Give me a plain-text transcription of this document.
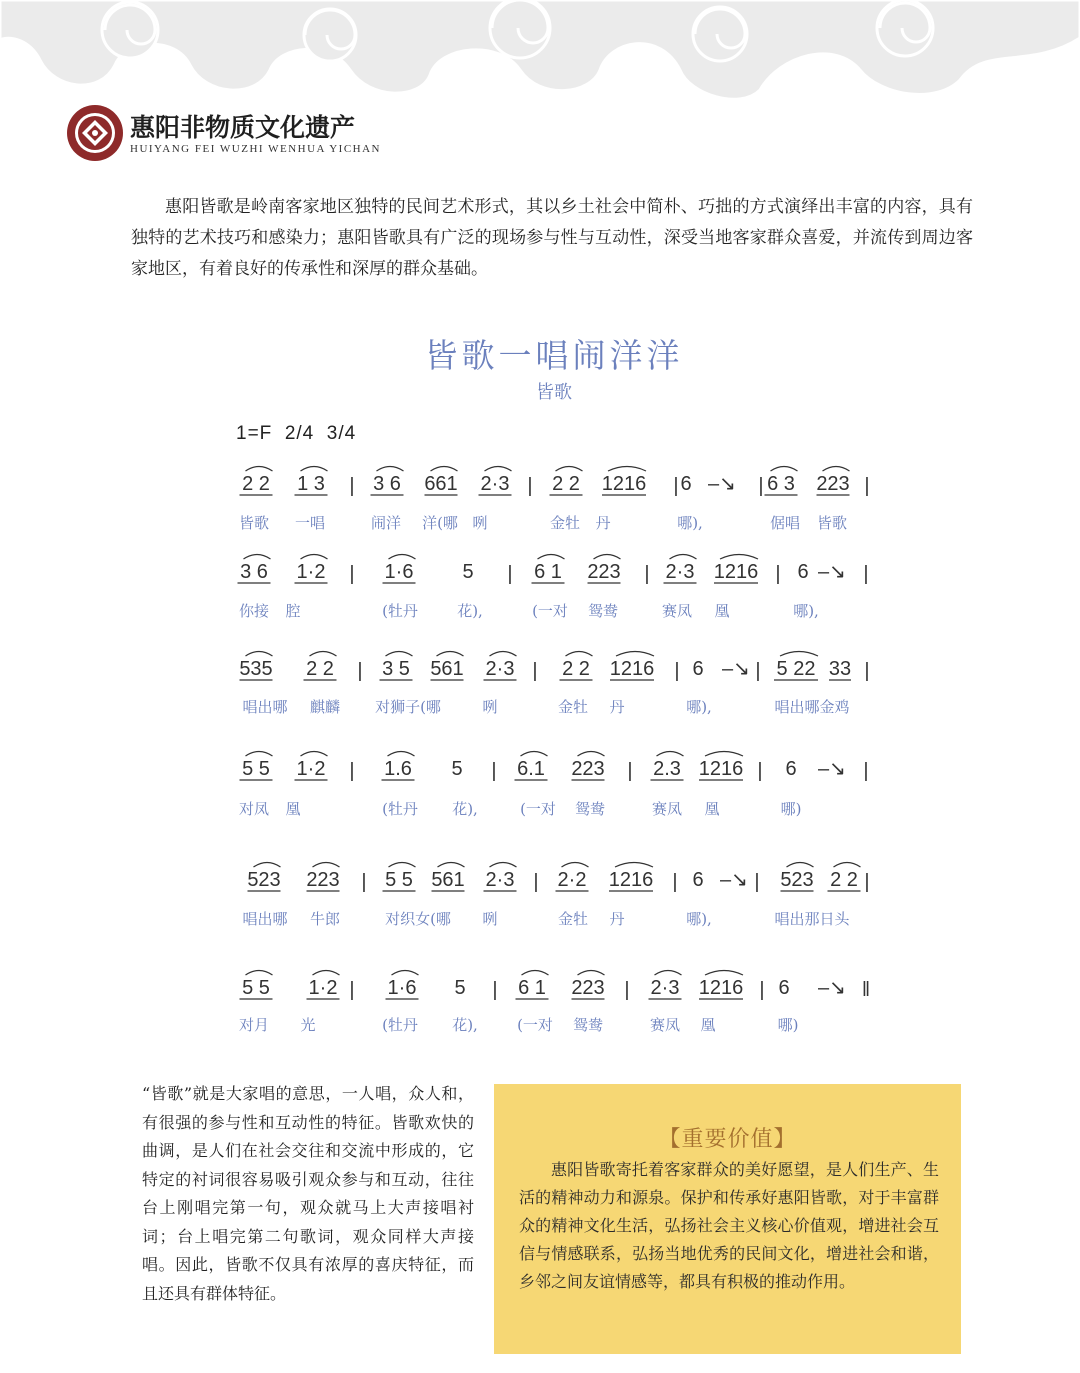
惠阳非物质文化遗产
HUIYANG FEI WUZHI WENHUA YICHAN

惠阳皆歌是岭南客家地区独特的民间艺术形式，其以乡土社会中简朴、巧拙的方式演绎出丰富的内容，具有独特的艺术技巧和感染力；惠阳皆歌具有广泛的现场参与性与互动性，深受当地客家群众喜爱，并流传到周边客家地区，有着良好的传承性和深厚的群众基础。

皆歌一唱闹洋洋
皆歌
1=F  2/4  3/4
2 2 1 3 | 3 6 661 2·3 | 2 2 1216 | 6 –↘ | 6 3 223 |
皆歌 一唱	闹洋 洋(哪 咧	金牡 丹	哪),	倨唱 皆歌
3 6 1·2 | 1·6 5 | 6 1 223 | 2·3 1216 | 6 –↘ |
你接 腔	(牡丹	花),	(一对 鸳鸯	赛凤 凰	哪),
535 2 2 | 3 5 561 2·3 | 2 2 1216 | 6 –↘ | 5 22 33 |
唱出哪 麒麟 对狮子(哪	咧	金牡 丹	哪),	唱出哪金鸡
5 5 1·2 | 1.6 5 | 6.1 223 | 2.3 1216 | 6 –↘ |
对凤 凰	(牡丹 花),	(一对 鸳鸯	赛凤 凰	哪)
523 223 | 5 5 561 2·3 | 2·2 1216 | 6 –↘ | 523 2 2 |
唱出哪 牛郎	对织女(哪 咧	金牡 丹	哪),	唱出那日头
5 5 1·2 | 1·6 5 | 6 1 223 | 2·3 1216 | 6 –↘ ‖
对月 光	(牡丹 花),	(一对 鸳鸯	赛凤 凰	哪)

“皆歌”就是大家唱的意思，一人唱，众人和，有很强的参与性和互动性的特征。皆歌欢快的曲调，是人们在社会交往和交流中形成的，它特定的衬词很容易吸引观众参与和互动，往往台上刚唱完第一句，观众就马上大声接唱衬词；台上唱完第二句歌词，观众同样大声接唱。因此，皆歌不仅具有浓厚的喜庆特征，而且还具有群体特征。

【重要价值】

惠阳皆歌寄托着客家群众的美好愿望，是人们生产、生活的精神动力和源泉。保护和传承好惠阳皆歌，对于丰富群众的精神文化生活，弘扬社会主义核心价值观，增进社会互信与情感联系，弘扬当地优秀的民间文化，增进社会和谐，乡邻之间友谊情感等，都具有积极的推动作用。
